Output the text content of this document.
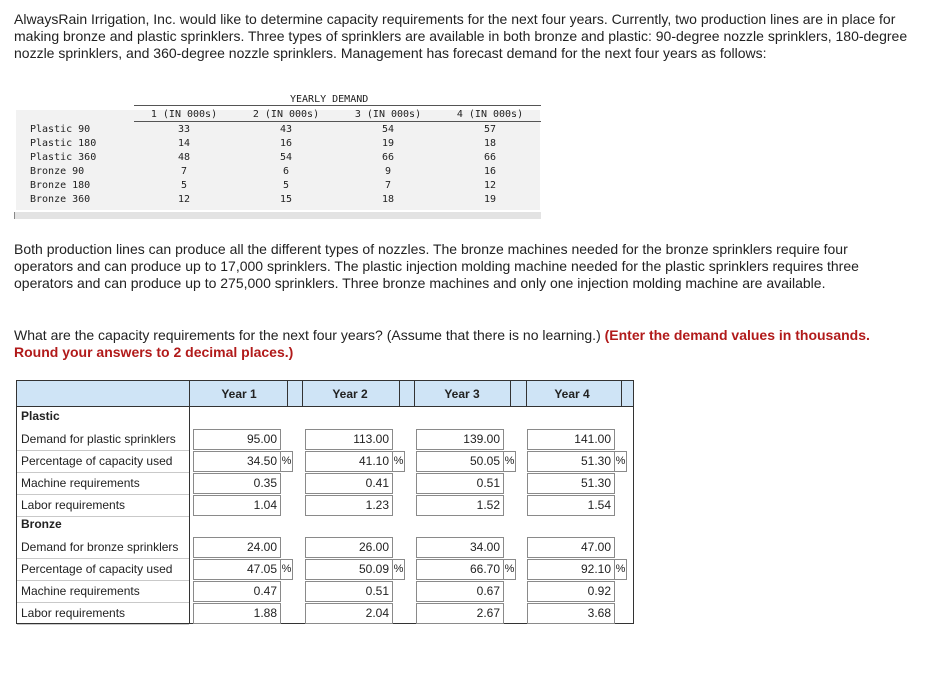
AlwaysRain Irrigation, Inc. would like to determine capacity requirements for the next four years. Currently, two production lines are in place for making bronze and plastic sprinklers. Three types of sprinklers are available in both bronze and plastic: 90-degree nozzle sprinklers, 180-degree nozzle sprinklers, and 360-degree nozzle sprinklers. Management has forecast demand for the next four years as follows:

YEARLY DEMAND
1 (IN 000s)	2 (IN 000s)	3 (IN 000s)	4 (IN 000s)
Plastic 90	33	43	54	57
Plastic 180	14	16	19	18
Plastic 360	48	54	66	66
Bronze 90	7	6	9	16
Bronze 180	5	5	7	12
Bronze 360	12	15	18	19

Both production lines can produce all the different types of nozzles. The bronze machines needed for the bronze sprinklers require four operators and can produce up to 17,000 sprinklers. The plastic injection molding machine needed for the plastic sprinklers requires three operators and can produce up to 275,000 sprinklers. Three bronze machines and only one injection molding machine are available.

What are the capacity requirements for the next four years? (Assume that there is no learning.) (Enter the demand values in thousands. Round your answers to 2 decimal places.)

Year 1	Year 2	Year 3	Year 4
Plastic
Demand for plastic sprinklers	95.00	113.00	139.00	141.00
Percentage of capacity used	34.50 %	41.10 %	50.05 %	51.30 %
Machine requirements	0.35	0.41	0.51	51.30
Labor requirements	1.04	1.23	1.52	1.54
Bronze
Demand for bronze sprinklers	24.00	26.00	34.00	47.00
Percentage of capacity used	47.05 %	50.09 %	66.70 %	92.10 %
Machine requirements	0.47	0.51	0.67	0.92
Labor requirements	1.88	2.04	2.67	3.68
